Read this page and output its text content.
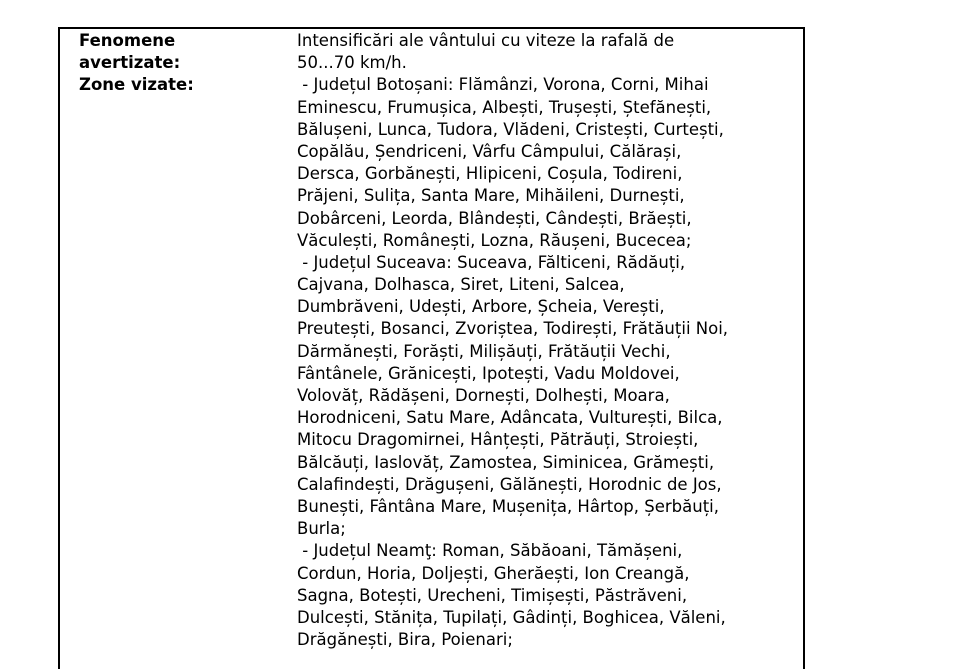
Fenomene
avertizate:
Zone vizate:
Intensificări ale vântului cu viteze la rafală de
50...70 km/h.
- Județul Botoșani: Flămânzi, Vorona, Corni, Mihai
Eminescu, Frumușica, Albești, Trușești, Ștefănești,
Bălușeni, Lunca, Tudora, Vlădeni, Cristești, Curtești,
Copălău, Șendriceni, Vârfu Câmpului, Călărași,
Dersca, Gorbănești, Hlipiceni, Coșula, Todireni,
Prăjeni, Sulița, Santa Mare, Mihăileni, Durnești,
Dobârceni, Leorda, Blândești, Cândești, Brăești,
Văculești, Românești, Lozna, Răușeni, Bucecea;
- Județul Suceava: Suceava, Fălticeni, Rădăuți,
Cajvana, Dolhasca, Siret, Liteni, Salcea,
Dumbrăveni, Udești, Arbore, Șcheia, Verești,
Preutești, Bosanci, Zvoriștea, Todirești, Frătăuții Noi,
Dărmănești, Forăști, Milișăuți, Frătăuții Vechi,
Fântânele, Grănicești, Ipotești, Vadu Moldovei,
Volovăț, Rădășeni, Dornești, Dolhești, Moara,
Horodniceni, Satu Mare, Adâncata, Vulturești, Bilca,
Mitocu Dragomirnei, Hânțești, Pătrăuți, Stroiești,
Bălcăuți, Iaslovăț, Zamostea, Siminicea, Grămești,
Calafindești, Drăgușeni, Gălănești, Horodnic de Jos,
Bunești, Fântâna Mare, Mușenița, Hârtop, Șerbăuți,
Burla;
- Județul Neamţ: Roman, Săbăoani, Tămășeni,
Cordun, Horia, Doljești, Gherăești, Ion Creangă,
Sagna, Botești, Urecheni, Timișești, Păstrăveni,
Dulcești, Stănița, Tupilați, Gâdinți, Boghicea, Văleni,
Drăgănești, Bira, Poienari;
